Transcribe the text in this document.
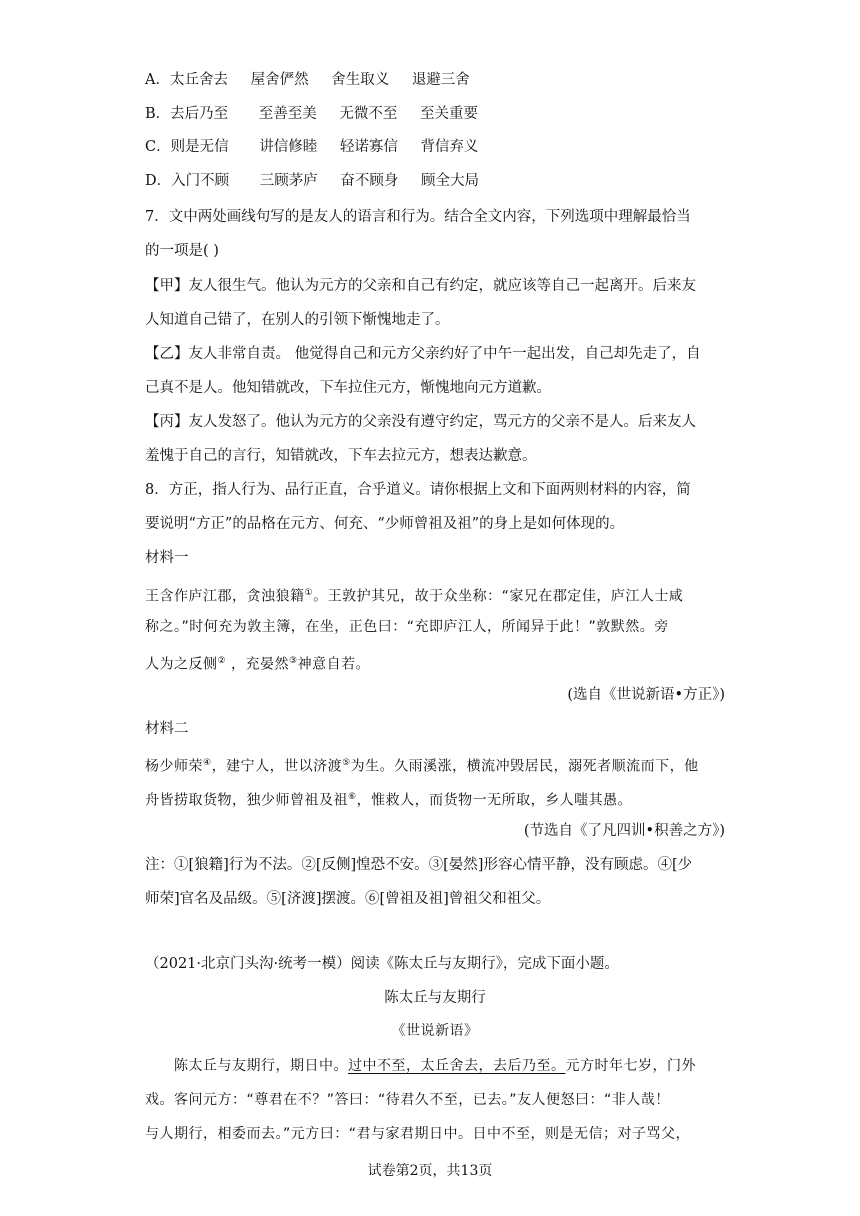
A．太丘舍去 屋舍俨然 舍生取义 退避三舍
B．去后乃至 至善至美 无微不至 至关重要
C．则是无信 讲信修睦 轻诺寡信 背信弃义
D．入门不顾 三顾茅庐 奋不顾身 顾全大局
7．文中两处画线句写的是友人的语言和行为。结合全文内容，下列选项中理解最恰当
的一项是( )
【甲】友人很生气。他认为元方的父亲和自己有约定，就应该等自己一起离开。后来友
人知道自己错了，在别人的引领下惭愧地走了。
【乙】友人非常自责。 他觉得自己和元方父亲约好了中午一起出发，自己却先走了，自
己真不是人。他知错就改，下车拉住元方，惭愧地向元方道歉。
【丙】友人发怒了。他认为元方的父亲没有遵守约定，骂元方的父亲不是人。后来友人
羞愧于自己的言行，知错就改，下车去拉元方，想表达歉意。
8．方正，指人行为、品行正直，合乎道义。请你根据上文和下面两则材料的内容，简
要说明“方正”的品格在元方、何充、“少师曾祖及祖”的身上是如何体现的。
材料一
王含作庐江郡，贪浊狼籍①。王敦护其兄，故于众坐称：“家兄在郡定佳，庐江人士咸
称之。”时何充为敦主簿，在坐，正色曰：“充即庐江人，所闻异于此！”敦默然。旁
人为之反侧② ，充晏然③神意自若。
(选自《世说新语•方正》)
材料二
杨少师荣④，建宁人，世以济渡⑤为生。久雨溪涨，横流冲毁居民，溺死者顺流而下，他
舟皆捞取货物，独少师曾祖及祖⑥，惟救人，而货物一无所取，乡人嗤其愚。
(节选自《了凡四训•积善之方》)
注：①[狼籍]行为不法。②[反侧]惶恐不安。③[晏然]形容心情平静，没有顾虑。④[少
师荣]官名及品级。⑤[济渡]摆渡。⑥[曾祖及祖]曾祖父和祖父。
（2021·北京门头沟·统考一模）阅读《陈太丘与友期行》，完成下面小题。
陈太丘与友期行
《世说新语》
陈太丘与友期行，期日中。过中不至，太丘舍去，去后乃至。元方时年七岁，门外
戏。客问元方：“尊君在不？”答曰：“待君久不至，已去。”友人便怒曰：“非人哉！
与人期行，相委而去。”元方曰：“君与家君期日中。日中不至，则是无信；对子骂父，
试卷第2页，共13页
